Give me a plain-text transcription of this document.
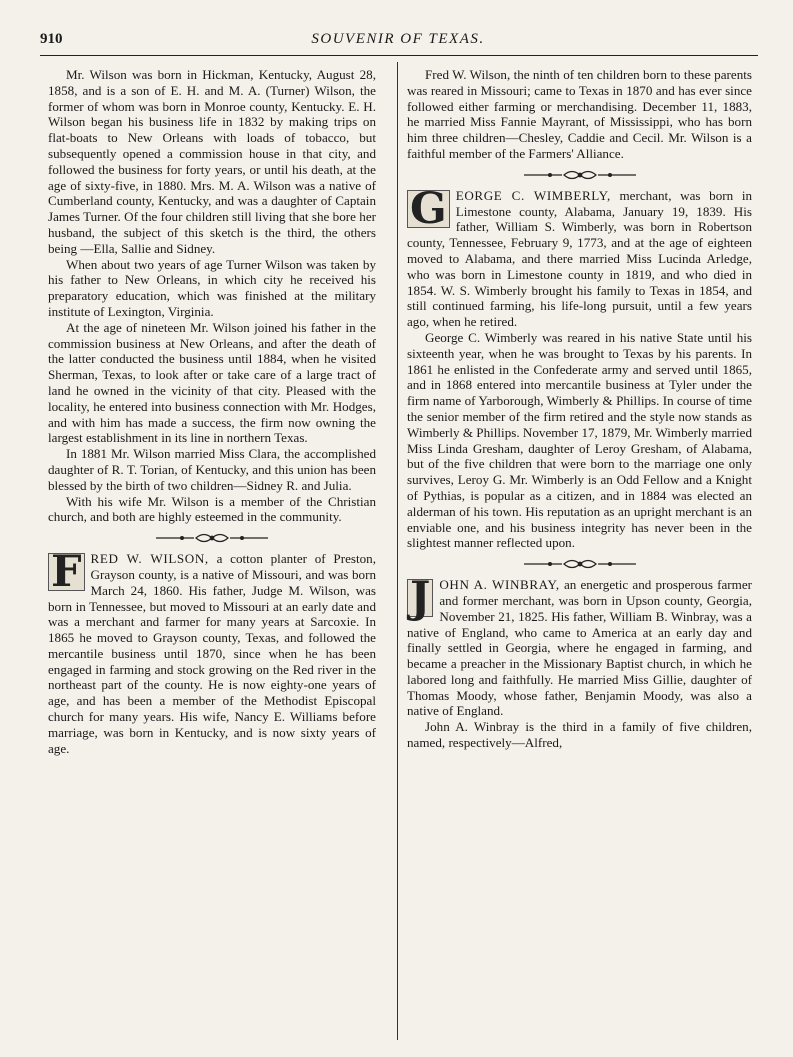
910	SOUVENIR OF TEXAS.

Mr. Wilson was born in Hickman, Kentucky, August 28, 1858, and is a son of E. H. and M. A. (Turner) Wilson, the former of whom was born in Monroe county, Kentucky. E. H. Wilson began his business life in 1832 by making trips on flat-boats to New Orleans with loads of tobacco, but subsequently opened a commission house in that city, and followed the business for forty years, or until his death, at the age of sixty-five, in 1880. Mrs. M. A. Wilson was a native of Cumberland county, Kentucky, and was a daughter of Captain James Turner. Of the four children still living that she bore her husband, the subject of this sketch is the third, the others being —Ella, Sallie and Sidney.

When about two years of age Turner Wilson was taken by his father to New Orleans, in which city he received his preparatory education, which was finished at the military institute of Lexington, Virginia.

At the age of nineteen Mr. Wilson joined his father in the commission business at New Orleans, and after the death of the latter conducted the business until 1884, when he visited Sherman, Texas, to look after or take care of a large tract of land he owned in the vicinity of that city. Pleased with the locality, he entered into business connection with Mr. Hodges, and with him has made a success, the firm now owning the largest establishment in its line in northern Texas.

In 1881 Mr. Wilson married Miss Clara, the accomplished daughter of R. T. Torian, of Kentucky, and this union has been blessed by the birth of two children—Sidney R. and Julia.

With his wife Mr. Wilson is a member of the Christian church, and both are highly esteemed in the community.

F RED W. WILSON, a cotton planter of Preston, Grayson county, is a native of Missouri, and was born March 24, 1860. His father, Judge M. Wilson, was born in Tennessee, but moved to Missouri at an early date and was a merchant and farmer for many years at Sarcoxie. In 1865 he moved to Grayson county, Texas, and followed the mercantile business until 1870, since when he has been engaged in farming and stock growing on the Red river in the northeast part of the county. He is now eighty-one years of age, and has been a member of the Methodist Episcopal church for many years. His wife, Nancy E. Williams before marriage, was born in Kentucky, and is now sixty years of age.

Fred W. Wilson, the ninth of ten children born to these parents was reared in Missouri; came to Texas in 1870 and has ever since followed either farming or merchandising. December 11, 1883, he married Miss Fannie Mayrant, of Mississippi, who has born him three children—Chesley, Caddie and Cecil. Mr. Wilson is a faithful member of the Farmers' Alliance.

G EORGE C. WIMBERLY, merchant, was born in Limestone county, Alabama, January 19, 1839. His father, William S. Wimberly, was born in Robertson county, Tennessee, February 9, 1773, and at the age of eighteen moved to Alabama, and there married Miss Lucinda Arledge, who was born in Limestone county in 1819, and who died in 1854. W. S. Wimberly brought his family to Texas in 1854, and still continued farming, his life-long pursuit, until a few years ago, when he retired.

George C. Wimberly was reared in his native State until his sixteenth year, when he was brought to Texas by his parents. In 1861 he enlisted in the Confederate army and served until 1865, and in 1868 entered into mercantile business at Tyler under the firm name of Yarborough, Wimberly & Phillips. In course of time the senior member of the firm retired and the style now stands as Wimberly & Phillips. November 17, 1879, Mr. Wimberly married Miss Linda Gresham, daughter of Leroy Gresham, of Alabama, but of the five children that were born to the marriage one only survives, Leroy G. Mr. Wimberly is an Odd Fellow and a Knight of Pythias, is popular as a citizen, and in 1884 was elected an alderman of his town. His reputation as an upright merchant is an enviable one, and his business integrity has never been in the slightest manner reflected upon.

J OHN A. WINBRAY, an energetic and prosperous farmer and former merchant, was born in Upson county, Georgia, November 21, 1825. His father, William B. Winbray, was a native of England, who came to America at an early day and finally settled in Georgia, where he engaged in farming, and became a preacher in the Missionary Baptist church, in which he labored long and faithfully. He married Miss Gillie, daughter of Thomas Moody, whose father, Benjamin Moody, was also a native of England.

John A. Winbray is the third in a family of five children, named, respectively—Alfred,
